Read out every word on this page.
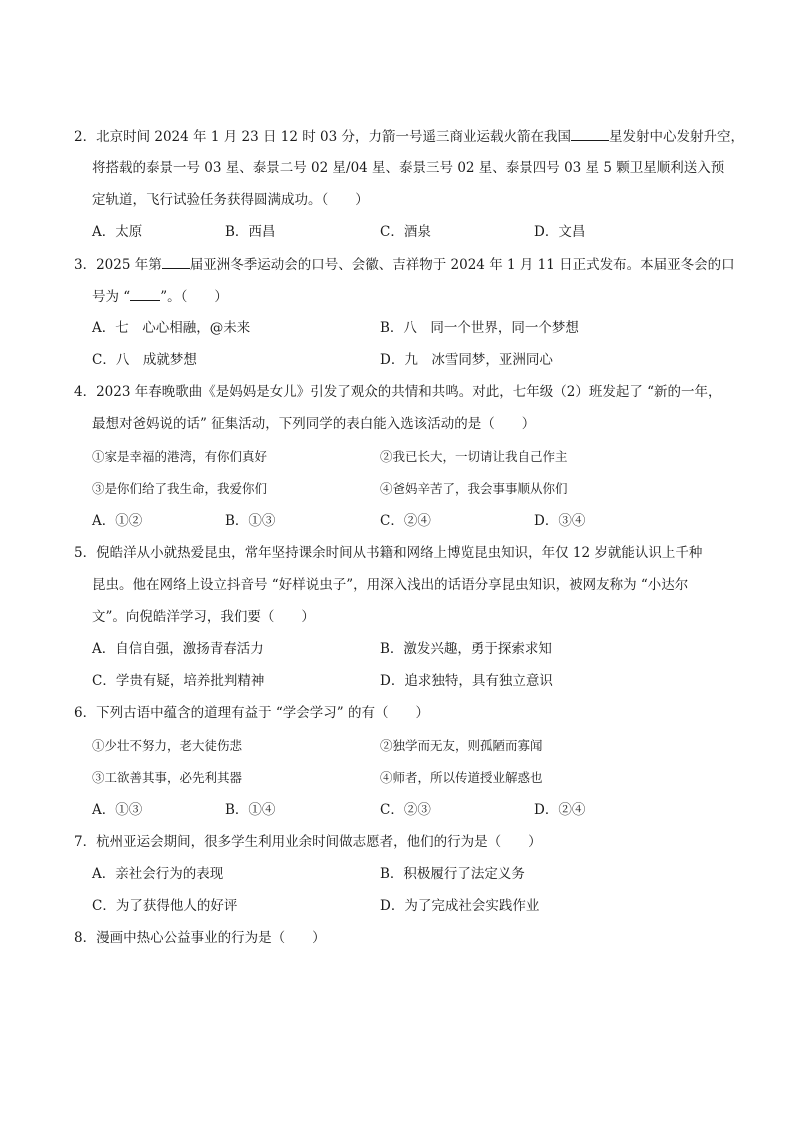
2．北京时间 2024 年 1 月 23 日 12 时 03 分，力箭一号遥三商业运载火箭在我国	星发射中心发射升空，
将搭载的泰景一号 03 星、泰景二号 02 星/04 星、泰景三号 02 星、泰景四号 03 星 5 颗卫星顺利送入预
定轨道，飞行试验任务获得圆满成功。（　　）
A．太原	B．西昌	C．酒泉	D．文昌
3．2025 年第 届亚洲冬季运动会的口号、会徽、吉祥物于 2024 年 1 月 11 日正式发布。本届亚冬会的口
号为 “ ”。（　　）
A．七　心心相融，@未来	B．八　同一个世界，同一个梦想
C．八　成就梦想	D．九　冰雪同梦，亚洲同心
4．2023 年春晚歌曲《是妈妈是女儿》引发了观众的共情和共鸣。对此，七年级（2）班发起了 “新的一年，
最想对爸妈说的话” 征集活动，下列同学的表白能入选该活动的是（　　）
①家是幸福的港湾，有你们真好	②我已长大，一切请让我自己作主
③是你们给了我生命，我爱你们	④爸妈辛苦了，我会事事顺从你们
A．①②	B．①③	C．②④	D．③④
5．倪皓洋从小就热爱昆虫，常年坚持课余时间从书籍和网络上博览昆虫知识，年仅 12 岁就能认识上千种
昆虫。他在网络上设立抖音号 “好样说虫子”，用深入浅出的话语分享昆虫知识，被网友称为 “小达尔
文”。向倪皓洋学习，我们要（　　）
A．自信自强，激扬青春活力	B．激发兴趣，勇于探索求知
C．学贵有疑，培养批判精神	D．追求独特，具有独立意识
6．下列古语中蕴含的道理有益于 “学会学习” 的有（　　）
①少壮不努力，老大徒伤悲	②独学而无友，则孤陋而寡闻
③工欲善其事，必先利其器	④师者，所以传道授业解惑也
A．①③	B．①④	C．②③	D．②④
7．杭州亚运会期间，很多学生利用业余时间做志愿者，他们的行为是（　　）
A．亲社会行为的表现	B．积极履行了法定义务
C．为了获得他人的好评	D．为了完成社会实践作业
8．漫画中热心公益事业的行为是（　　）
